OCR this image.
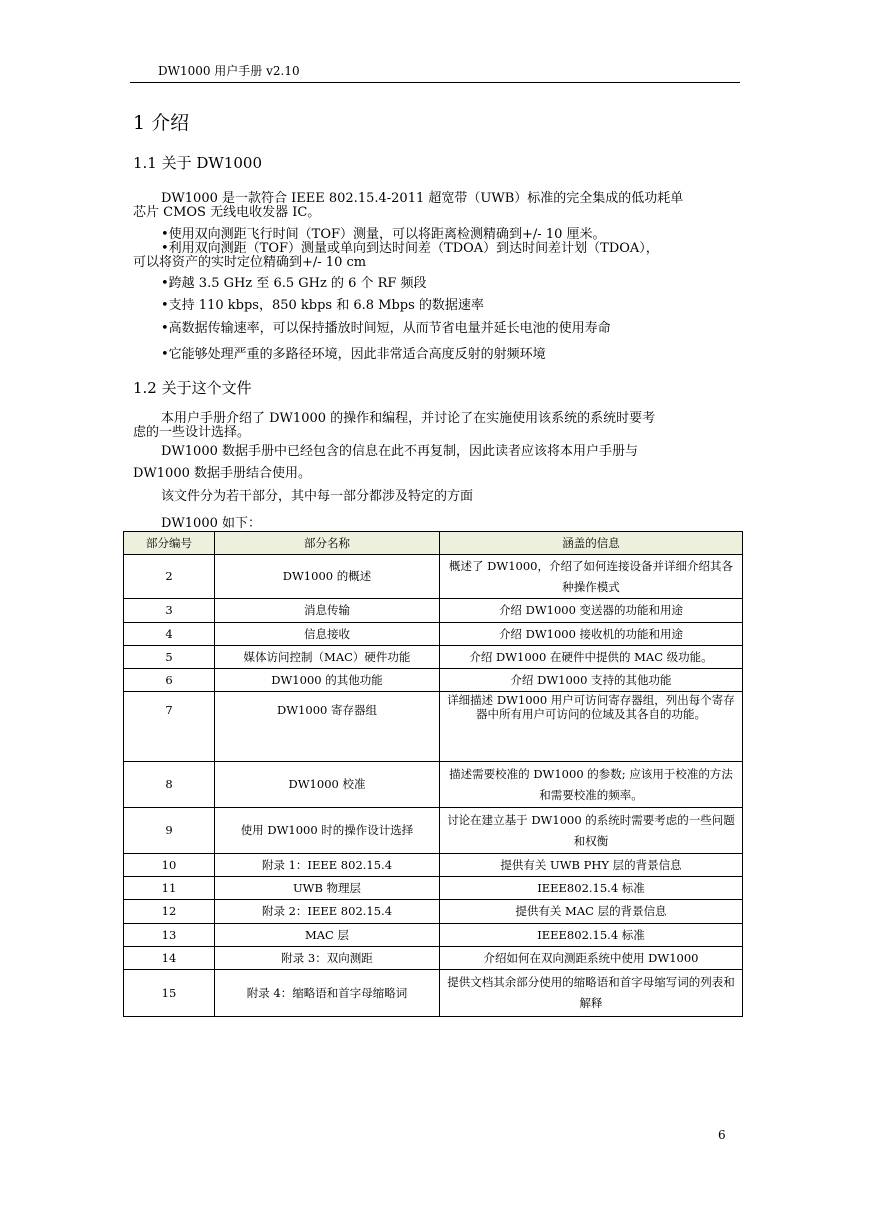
DW1000 用户手册 v2.10
1 介绍
1.1 关于 DW1000
DW1000 是一款符合 IEEE 802.15.4-2011 超宽带（UWB）标准的完全集成的低功耗单
芯片 CMOS 无线电收发器 IC。
•使用双向测距飞行时间（TOF）测量，可以将距离检测精确到+/- 10 厘米。
•利用双向测距（TOF）测量或单向到达时间差（TDOA）到达时间差计划（TDOA），
可以将资产的实时定位精确到+/- 10 cm
•跨越 3.5 GHz 至 6.5 GHz 的 6 个 RF 频段
•支持 110 kbps，850 kbps 和 6.8 Mbps 的数据速率
•高数据传输速率，可以保持播放时间短，从而节省电量并延长电池的使用寿命
•它能够处理严重的多路径环境，因此非常适合高度反射的射频环境
1.2 关于这个文件
本用户手册介绍了 DW1000 的操作和编程，并讨论了在实施使用该系统的系统时要考
虑的一些设计选择。
DW1000 数据手册中已经包含的信息在此不再复制，因此读者应该将本用户手册与
DW1000 数据手册结合使用。
该文件分为若干部分，其中每一部分都涉及特定的方面
DW1000 如下：
部分编号	部分名称	涵盖的信息
2	DW1000 的概述	概述了 DW1000，介绍了如何连接设备并详细介绍其各种操作模式
3	消息传输	介绍 DW1000 变送器的功能和用途
4	信息接收	介绍 DW1000 接收机的功能和用途
5	媒体访问控制（MAC）硬件功能	介绍 DW1000 在硬件中提供的 MAC 级功能。
6	DW1000 的其他功能	介绍 DW1000 支持的其他功能
7	DW1000 寄存器组	详细描述 DW1000 用户可访问寄存器组，列出每个寄存器中所有用户可访问的位域及其各自的功能。
8	DW1000 校准	描述需要校准的 DW1000 的参数; 应该用于校准的方法和需要校准的频率。
9	使用 DW1000 时的操作设计选择	讨论在建立基于 DW1000 的系统时需要考虑的一些问题和权衡
10	附录 1：IEEE 802.15.4	提供有关 UWB PHY 层的背景信息
11	UWB 物理层	IEEE802.15.4 标准
12	附录 2：IEEE 802.15.4	提供有关 MAC 层的背景信息
13	MAC 层	IEEE802.15.4 标准
14	附录 3：双向测距	介绍如何在双向测距系统中使用 DW1000
15	附录 4：缩略语和首字母缩略词	提供文档其余部分使用的缩略语和首字母缩写词的列表和解释
6
